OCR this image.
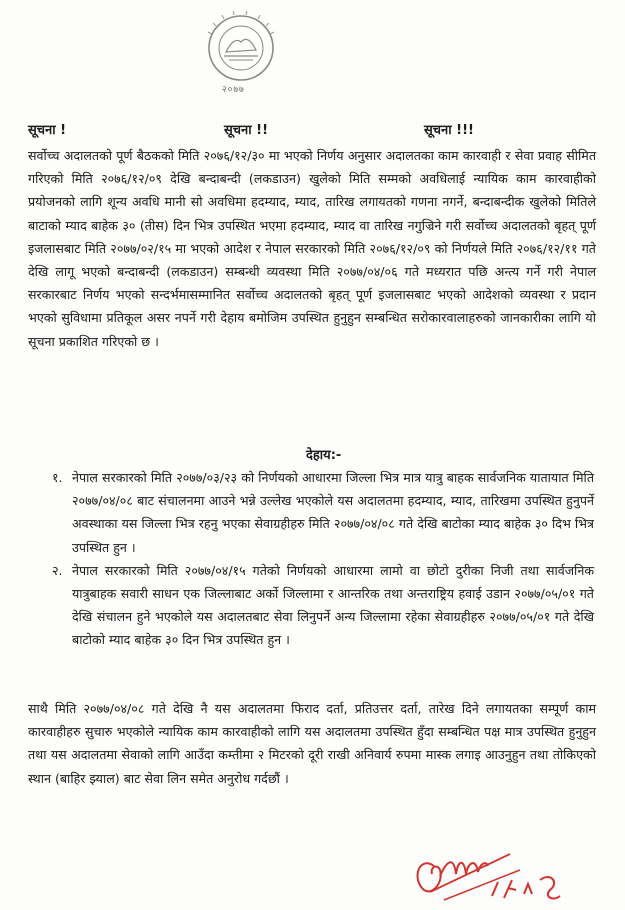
२०७७
सूचना !	सूचना !!	सूचना !!!

सर्वोच्च अदालतको पूर्ण बैठकको मिति २०७६/१२/३० मा भएको निर्णय अनुसार अदालतका काम कारवाही र सेवा प्रवाह सीमित गरिएको मिति २०७६/१२/०९ देखि बन्दाबन्दी (लकडाउन) खुलेको मिति सम्मको अवधिलाई न्यायिक काम कारवाहीको प्रयोजनको लागि शून्य अवधि मानी सो अवधिमा हदम्याद, म्याद, तारिख लगायतको गणना नगर्ने, बन्दाबन्दीक खुलेको मितिले बाटाको म्याद बाहेक ३० (तीस) दिन भित्र उपस्थित भएमा हदम्याद, म्याद वा तारिख नगुज्रिने गरी सर्वोच्च अदालतको बृहत् पूर्ण इजलासबाट मिति २०७७/०२/१५ मा भएको आदेश र नेपाल सरकारको मिति २०७६/१२/०९ को निर्णयले मिति २०७६/१२/११ गते देखि लागू भएको बन्दाबन्दी (लकडाउन) सम्बन्धी व्यवस्था मिति २०७७/०४/०६ गते मध्यरात पछि अन्त्य गर्ने गरी नेपाल सरकारबाट निर्णय भएको सन्दर्भमासम्मानित सर्वोच्च अदालतको बृहत् पूर्ण इजलासबाट भएको आदेशको व्यवस्था र प्रदान भएको सुविधामा प्रतिकूल असर नपर्ने गरी देहाय बमोजिम उपस्थित हुनुहुन सम्बन्धित सरोकारवालाहरुको जानकारीका लागि यो सूचना प्रकाशित गरिएको छ ।

देहाय:-
१. नेपाल सरकारको मिति २०७७/०३/२३ को निर्णयको आधारमा जिल्ला भित्र मात्र यात्रु बाहक सार्वजनिक यातायात मिति २०७७/०४/०८ बाट संचालनमा आउने भन्ने उल्लेख भएकोले यस अदालतमा हदम्याद, म्याद, तारिखमा उपस्थित हुनुपर्ने अवस्थाका यस जिल्ला भित्र रहनु भएका सेवाग्रहीहरु मिति २०७७/०४/०८ गते देखि बाटोका म्याद बाहेक ३० दिभ भित्र उपस्थित हुन ।
२. नेपाल सरकारको मिति २०७७/०४/१५ गतेको निर्णयको आधारमा लामो वा छोटो दुरीका निजी तथा सार्वजनिक यात्रुबाहक सवारी साधन एक जिल्लाबाट अर्को जिल्लामा र आन्तरिक तथा अन्तराष्ट्रिय हवाई उडान २०७७/०५/०१ गते देखि संचालन हुने भएकोले यस अदालतबाट सेवा लिनुपर्ने अन्य जिल्लामा रहेका सेवाग्रहीहरु २०७७/०५/०१ गते देखि बाटोको म्याद बाहेक ३० दिन भित्र उपस्थित हुन ।

साथै मिति २०७७/०४/०८ गते देखि नै यस अदालतमा फिराद दर्ता, प्रतिउत्तर दर्ता, तारेख दिने लगायतका सम्पूर्ण काम कारवाहीहरु सुचारु भएकोले न्यायिक काम कारवाहीको लागि यस अदालतमा उपस्थित हुँदा सम्बन्धित पक्ष मात्र उपस्थित हुनुहुन तथा यस अदालतमा सेवाको लागि आउँदा कम्तीमा २ मिटरको दूरी राखी अनिवार्य रुपमा मास्क लगाइ आउनुहुन तथा तोकिएको स्थान (बाहिर झ्याल) बाट सेवा लिन समेत अनुरोध गर्दछौं ।
